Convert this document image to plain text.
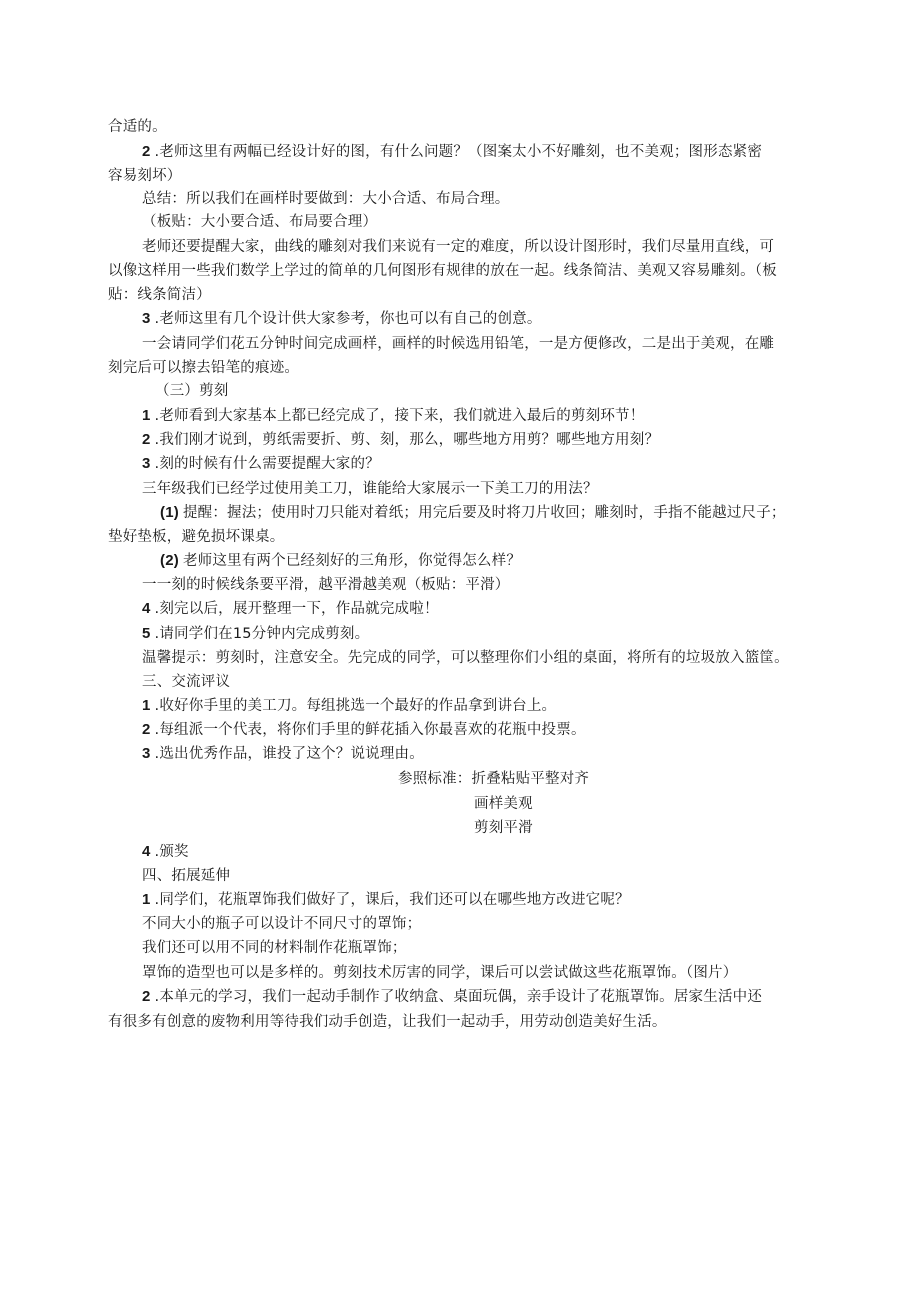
合适的。
2 .老师这里有两幅已经设计好的图，有什么问题？（图案太小不好雕刻，也不美观；图形态紧密
容易刻坏）
总结：所以我们在画样时要做到：大小合适、布局合理。
（板贴：大小要合适、布局要合理）
老师还要提醒大家，曲线的雕刻对我们来说有一定的难度，所以设计图形时，我们尽量用直线，可
以像这样用一些我们数学上学过的简单的几何图形有规律的放在一起。线条简洁、美观又容易雕刻。（板
贴：线条简洁）
3 .老师这里有几个设计供大家参考，你也可以有自己的创意。
一会请同学们花五分钟时间完成画样，画样的时候选用铅笔，一是方便修改，二是出于美观，在雕
刻完后可以擦去铅笔的痕迹。
（三）剪刻
1 .老师看到大家基本上都已经完成了，接下来，我们就进入最后的剪刻环节！
2 .我们刚才说到，剪纸需要折、剪、刻，那么，哪些地方用剪？哪些地方用刻？
3 .刻的时候有什么需要提醒大家的？
三年级我们已经学过使用美工刀，谁能给大家展示一下美工刀的用法？
(1) 提醒：握法；使用时刀只能对着纸；用完后要及时将刀片收回；雕刻时，手指不能越过尺子；
垫好垫板，避免损坏课桌。
(2) 老师这里有两个已经刻好的三角形，你觉得怎么样？
一一刻的时候线条要平滑，越平滑越美观（板贴：平滑）
4 .刻完以后，展开整理一下，作品就完成啦！
5 .请同学们在15分钟内完成剪刻。
温馨提示：剪刻时，注意安全。先完成的同学，可以整理你们小组的桌面，将所有的垃圾放入篮筐。
三、交流评议
1 .收好你手里的美工刀。每组挑选一个最好的作品拿到讲台上。
2 .每组派一个代表，将你们手里的鲜花插入你最喜欢的花瓶中投票。
3 .选出优秀作品，谁投了这个？说说理由。
参照标准：折叠粘贴平整对齐
画样美观
剪刻平滑
4 .颁奖
四、拓展延伸
1 .同学们，花瓶罩饰我们做好了，课后，我们还可以在哪些地方改进它呢？
不同大小的瓶子可以设计不同尺寸的罩饰；
我们还可以用不同的材料制作花瓶罩饰；
罩饰的造型也可以是多样的。剪刻技术厉害的同学，课后可以尝试做这些花瓶罩饰。（图片）
2 .本单元的学习，我们一起动手制作了收纳盒、桌面玩偶，亲手设计了花瓶罩饰。居家生活中还
有很多有创意的废物利用等待我们动手创造，让我们一起动手，用劳动创造美好生活。
